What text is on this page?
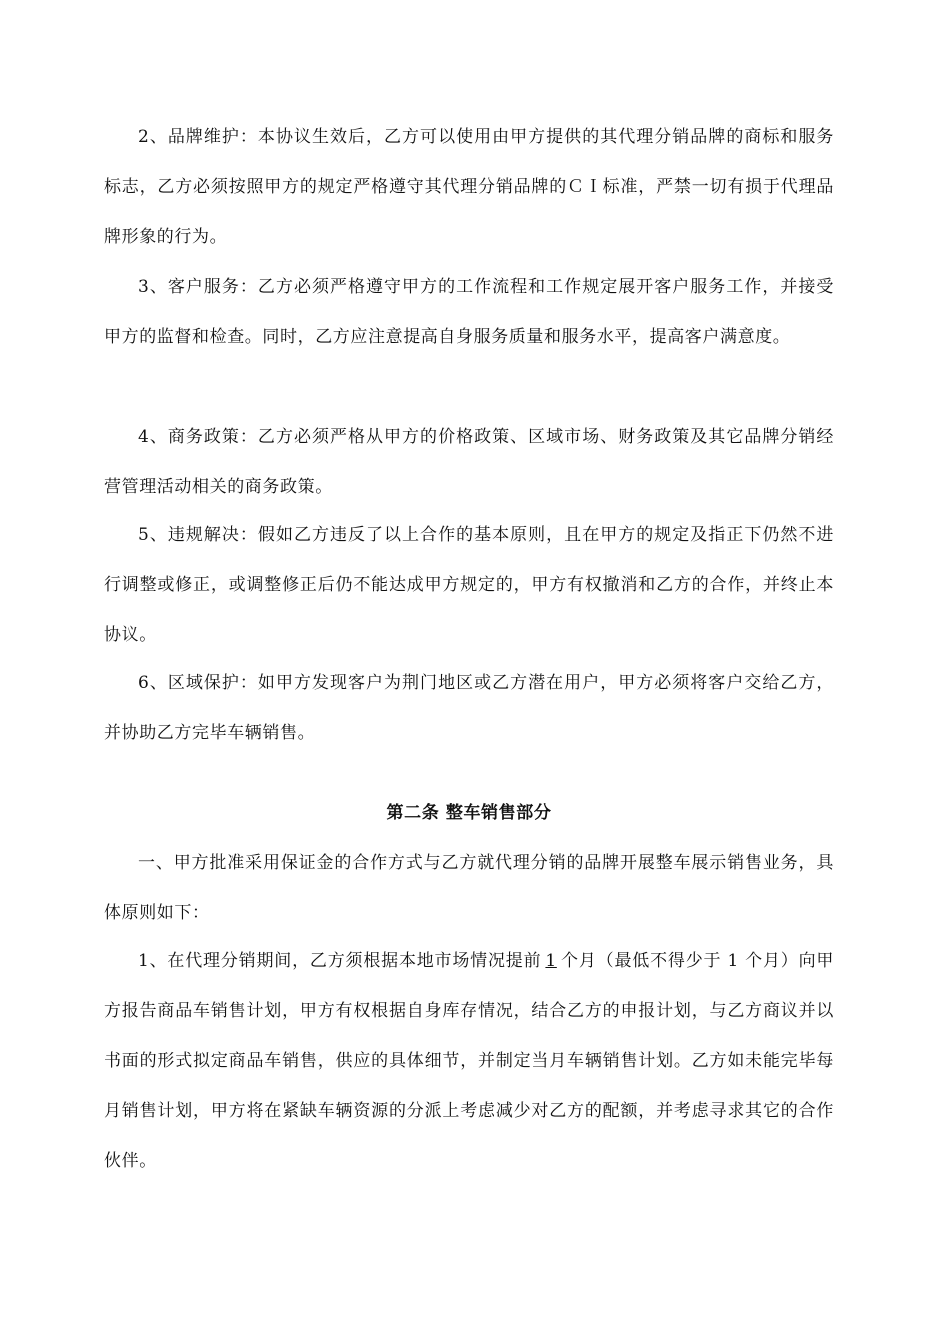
2、品牌维护：本协议生效后，乙方可以使用由甲方提供的其代理分销品牌的商标和服务标志，乙方必须按照甲方的规定严格遵守其代理分销品牌的ＣＩ标准，严禁一切有损于代理品牌形象的行为。

3、客户服务：乙方必须严格遵守甲方的工作流程和工作规定展开客户服务工作，并接受甲方的监督和检查。同时，乙方应注意提高自身服务质量和服务水平，提高客户满意度。

4、商务政策：乙方必须严格从甲方的价格政策、区域市场、财务政策及其它品牌分销经营管理活动相关的商务政策。

5、违规解决：假如乙方违反了以上合作的基本原则，且在甲方的规定及指正下仍然不进行调整或修正，或调整修正后仍不能达成甲方规定的，甲方有权撤消和乙方的合作，并终止本协议。

6、区域保护：如甲方发现客户为荆门地区或乙方潜在用户，甲方必须将客户交给乙方，并协助乙方完毕车辆销售。

第二条 整车销售部分

一、甲方批准采用保证金的合作方式与乙方就代理分销的品牌开展整车展示销售业务，具体原则如下：

1、在代理分销期间，乙方须根据本地市场情况提前 1 个月（最低不得少于 1 个月）向甲方报告商品车销售计划，甲方有权根据自身库存情况，结合乙方的申报计划，与乙方商议并以书面的形式拟定商品车销售，供应的具体细节，并制定当月车辆销售计划。乙方如未能完毕每月销售计划，甲方将在紧缺车辆资源的分派上考虑减少对乙方的配额，并考虑寻求其它的合作伙伴。
